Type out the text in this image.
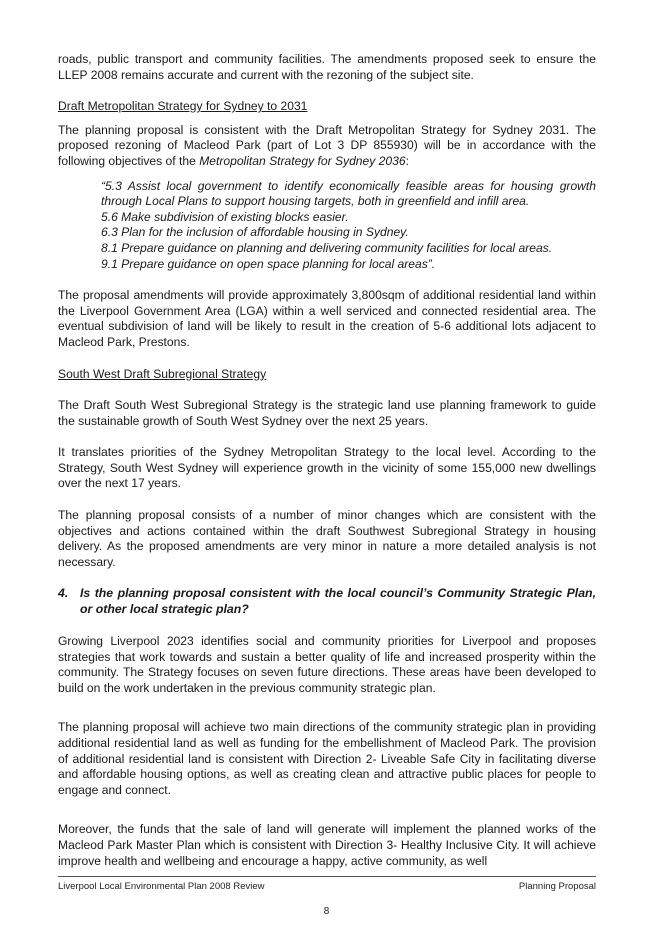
roads, public transport and community facilities. The amendments proposed seek to ensure the LLEP 2008 remains accurate and current with the rezoning of the subject site.

Draft Metropolitan Strategy for Sydney to 2031

The planning proposal is consistent with the Draft Metropolitan Strategy for Sydney 2031. The proposed rezoning of Macleod Park (part of Lot 3 DP 855930) will be in accordance with the following objectives of the Metropolitan Strategy for Sydney 2036:

“5.3 Assist local government to identify economically feasible areas for housing growth through Local Plans to support housing targets, both in greenfield and infill area.

5.6 Make subdivision of existing blocks easier.

6.3 Plan for the inclusion of affordable housing in Sydney.

8.1 Prepare guidance on planning and delivering community facilities for local areas.

9.1 Prepare guidance on open space planning for local areas”.

The proposal amendments will provide approximately 3,800sqm of additional residential land within the Liverpool Government Area (LGA) within a well serviced and connected residential area. The eventual subdivision of land will be likely to result in the creation of 5-6 additional lots adjacent to Macleod Park, Prestons.

South West Draft Subregional Strategy

The Draft South West Subregional Strategy is the strategic land use planning framework to guide the sustainable growth of South West Sydney over the next 25 years.

It translates priorities of the Sydney Metropolitan Strategy to the local level. According to the Strategy, South West Sydney will experience growth in the vicinity of some 155,000 new dwellings over the next 17 years.

The planning proposal consists of a number of minor changes which are consistent with the objectives and actions contained within the draft Southwest Subregional Strategy in housing delivery. As the proposed amendments are very minor in nature a more detailed analysis is not necessary.

4. Is the planning proposal consistent with the local council’s Community Strategic Plan, or other local strategic plan?

Growing Liverpool 2023 identifies social and community priorities for Liverpool and proposes strategies that work towards and sustain a better quality of life and increased prosperity within the community. The Strategy focuses on seven future directions. These areas have been developed to build on the work undertaken in the previous community strategic plan.

The planning proposal will achieve two main directions of the community strategic plan in providing additional residential land as well as funding for the embellishment of Macleod Park. The provision of additional residential land is consistent with Direction 2- Liveable Safe City in facilitating diverse and affordable housing options, as well as creating clean and attractive public places for people to engage and connect.

Moreover, the funds that the sale of land will generate will implement the planned works of the Macleod Park Master Plan which is consistent with Direction 3- Healthy Inclusive City. It will achieve improve health and wellbeing and encourage a happy, active community, as well

Liverpool Local Environmental Plan 2008 Review	Planning Proposal
8
